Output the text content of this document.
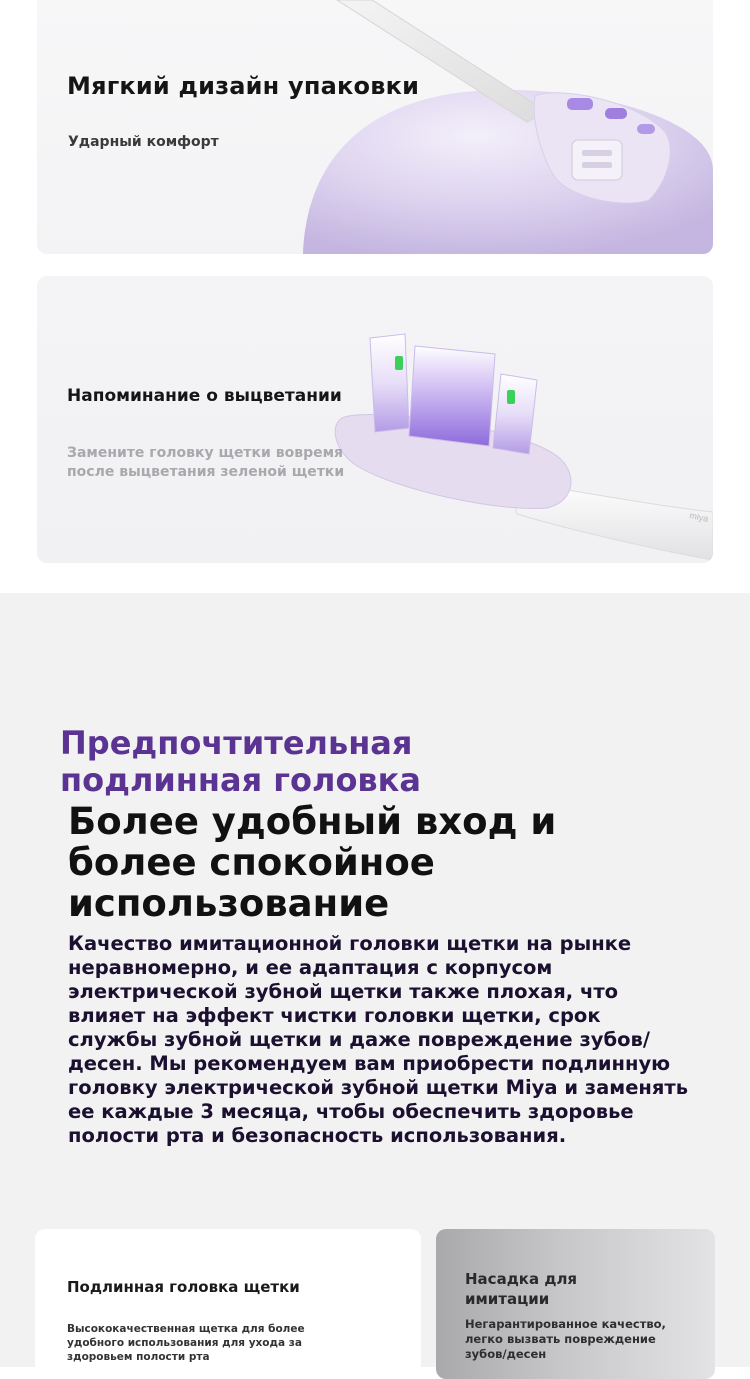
Мягкий дизайн упаковки
Ударный комфорт
miya
Напоминание о выцветании
Замените головку щетки вовремя после выцветания зеленой щетки
Предпочтительная подлинная головка
Более удобный вход и более спокойное использование

Качество имитационной головки щетки на рынке неравномерно, и ее адаптация с корпусом электрической зубной щетки также плохая, что влияет на эффект чистки головки щетки, срок службы зубной щетки и даже повреждение зубов/десен. Мы рекомендуем вам приобрести подлинную головку электрической зубной щетки Miya и заменять ее каждые 3 месяца, чтобы обеспечить здоровье полости рта и безопасность использования.

Подлинная головка щетки

Высококачественная щетка для более удобного использования для ухода за здоровьем полости рта

Насадка для имитации

Негарантированное качество, легко вызвать повреждение зубов/десен
